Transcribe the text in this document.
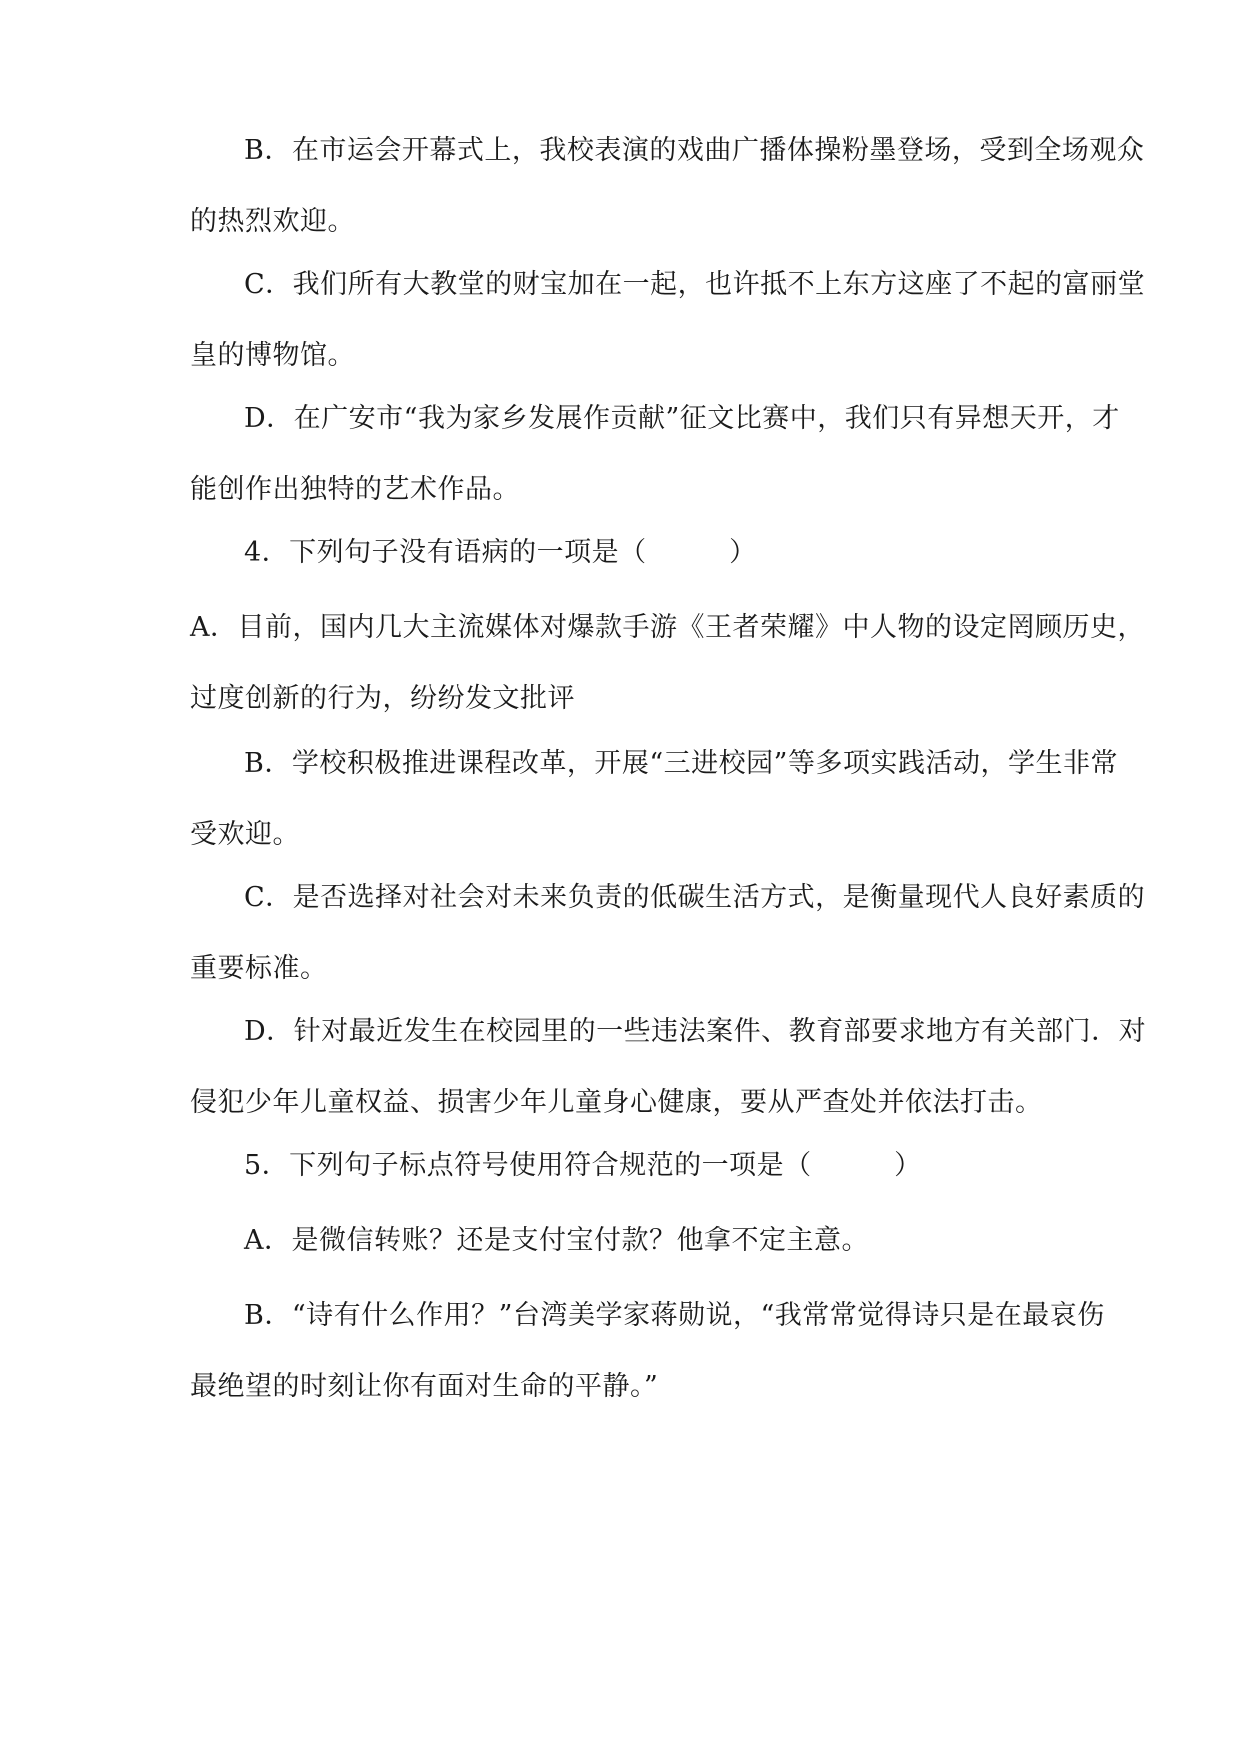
B．在市运会开幕式上，我校表演的戏曲广播体操粉墨登场，受到全场观众
的热烈欢迎。

C．我们所有大教堂的财宝加在一起，也许抵不上东方这座了不起的富丽堂
皇的博物馆。

D．在广安市“我为家乡发展作贡献”征文比赛中，我们只有异想天开，才
能创作出独特的艺术作品。

4．下列句子没有语病的一项是（　　　）

A．目前，国内几大主流媒体对爆款手游《王者荣耀》中人物的设定罔顾历史，
过度创新的行为，纷纷发文批评

B．学校积极推进课程改革，开展“三进校园”等多项实践活动，学生非常
受欢迎。

C．是否选择对社会对未来负责的低碳生活方式，是衡量现代人良好素质的
重要标准。

D．针对最近发生在校园里的一些违法案件、教育部要求地方有关部门．对
侵犯少年儿童权益、损害少年儿童身心健康，要从严查处并依法打击。

5．下列句子标点符号使用符合规范的一项是（　　　）

A．是微信转账？还是支付宝付款？他拿不定主意。

B．“诗有什么作用？”台湾美学家蒋勋说，“我常常觉得诗只是在最哀伤
最绝望的时刻让你有面对生命的平静。”
